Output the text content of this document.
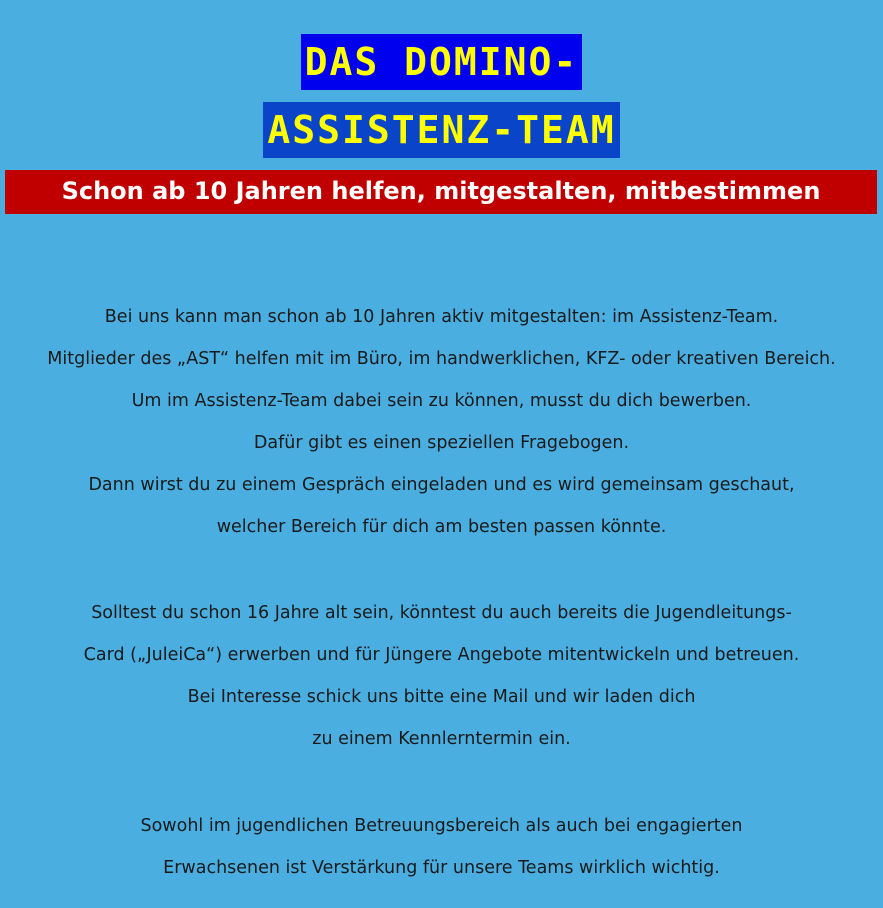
DAS DOMINO-
ASSISTENZ-TEAM
Schon ab 10 Jahren helfen, mitgestalten, mitbestimmen
Bei uns kann man schon ab 10 Jahren aktiv mitgestalten: im Assistenz-Team.
Mitglieder des „AST“ helfen mit im Büro, im handwerklichen, KFZ- oder kreativen Bereich.
Um im Assistenz-Team dabei sein zu können, musst du dich bewerben.
Dafür gibt es einen speziellen Fragebogen.
Dann wirst du zu einem Gespräch eingeladen und es wird gemeinsam geschaut,
welcher Bereich für dich am besten passen könnte.
Solltest du schon 16 Jahre alt sein, könntest du auch bereits die Jugendleitungs-
Card („JuleiCa“) erwerben und für Jüngere Angebote mitentwickeln und betreuen.
Bei Interesse schick uns bitte eine Mail und wir laden dich
zu einem Kennlerntermin ein.
Sowohl im jugendlichen Betreuungsbereich als auch bei engagierten
Erwachsenen ist Verstärkung für unsere Teams wirklich wichtig.
